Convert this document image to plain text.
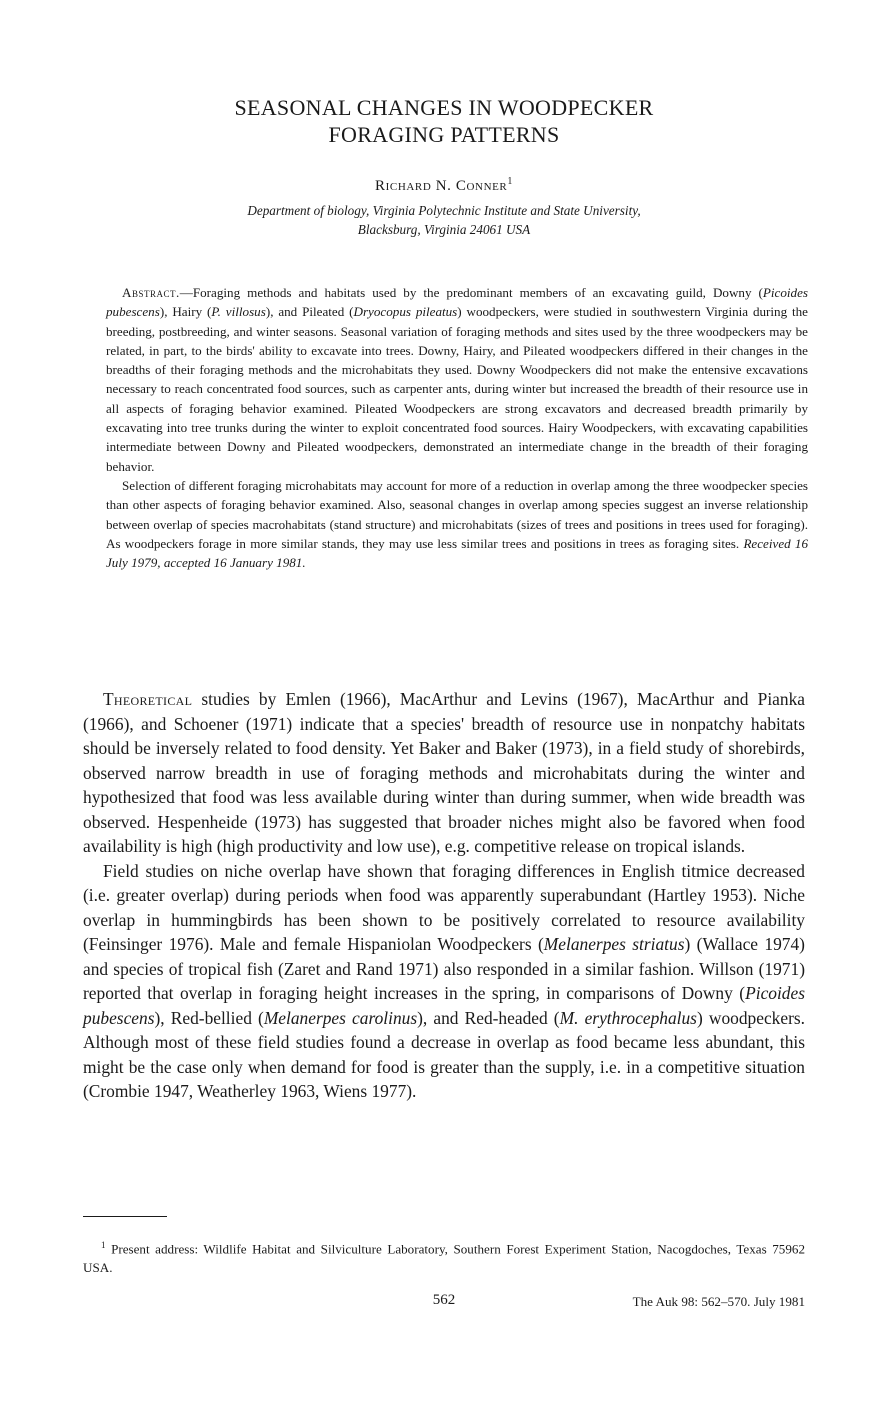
SEASONAL CHANGES IN WOODPECKER
FORAGING PATTERNS
Richard N. Conner$^1$
Department of biology, Virginia Polytechnic Institute and State University,
Blacksburg, Virginia 24061 USA

Abstract.—Foraging methods and habitats used by the predominant members of an excavating guild, Downy (Picoides pubescens), Hairy (P. villosus), and Pileated (Dryocopus pileatus) woodpeckers, were studied in southwestern Virginia during the breeding, postbreeding, and winter seasons. Seasonal variation of foraging methods and sites used by the three woodpeckers may be related, in part, to the birds' ability to excavate into trees. Downy, Hairy, and Pileated woodpeckers differed in their changes in the breadths of their foraging methods and the microhabitats they used. Downy Woodpeckers did not make the entensive excavations necessary to reach concentrated food sources, such as carpenter ants, during winter but increased the breadth of their resource use in all aspects of foraging behavior examined. Pileated Woodpeckers are strong excavators and decreased breadth primarily by excavating into tree trunks during the winter to exploit concentrated food sources. Hairy Woodpeckers, with excavating capabilities intermediate between Downy and Pileated woodpeckers, demonstrated an intermediate change in the breadth of their foraging behavior.

Selection of different foraging microhabitats may account for more of a reduction in overlap among the three woodpecker species than other aspects of foraging behavior examined. Also, seasonal changes in overlap among species suggest an inverse relationship between overlap of species macrohabitats (stand structure) and microhabitats (sizes of trees and positions in trees used for foraging). As woodpeckers forage in more similar stands, they may use less similar trees and positions in trees as foraging sites. Received 16 July 1979, accepted 16 January 1981.

Theoretical studies by Emlen (1966), MacArthur and Levins (1967), MacArthur and Pianka (1966), and Schoener (1971) indicate that a species' breadth of resource use in nonpatchy habitats should be inversely related to food density. Yet Baker and Baker (1973), in a field study of shorebirds, observed narrow breadth in use of foraging methods and microhabitats during the winter and hypothesized that food was less available during winter than during summer, when wide breadth was observed. Hespenheide (1973) has suggested that broader niches might also be favored when food availability is high (high productivity and low use), e.g. competitive release on tropical islands.

Field studies on niche overlap have shown that foraging differences in English titmice decreased (i.e. greater overlap) during periods when food was apparently superabundant (Hartley 1953). Niche overlap in hummingbirds has been shown to be positively correlated to resource availability (Feinsinger 1976). Male and female Hispaniolan Woodpeckers (Melanerpes striatus) (Wallace 1974) and species of tropical fish (Zaret and Rand 1971) also responded in a similar fashion. Willson (1971) reported that overlap in foraging height increases in the spring, in comparisons of Downy (Picoides pubescens), Red-bellied (Melanerpes carolinus), and Red-headed (M. erythrocephalus) woodpeckers. Although most of these field studies found a decrease in overlap as food became less abundant, this might be the case only when demand for food is greater than the supply, i.e. in a competitive situation (Crombie 1947, Weatherley 1963, Wiens 1977).

$^1$ Present address: Wildlife Habitat and Silviculture Laboratory, Southern Forest Experiment Station, Nacogdoches, Texas 75962 USA.
562	The Auk 98: 562–570. July 1981
